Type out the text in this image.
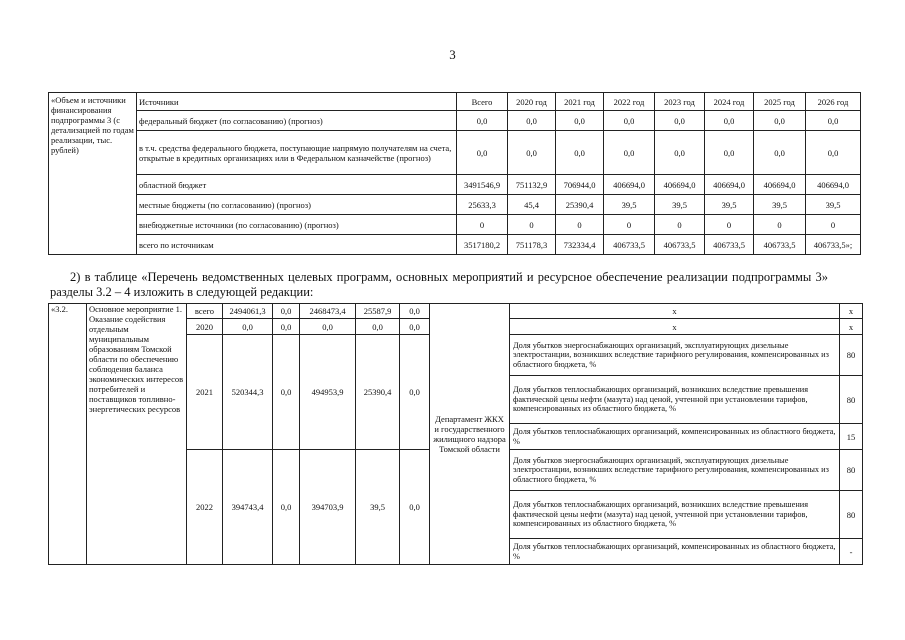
3
«Объем и источники финансирования подпрограммы 3 (с детализацией по годам реализации, тыс. рублей)	Источники	Всего	2020 год	2021 год	2022 год	2023 год	2024 год	2025 год	2026 год
	федеральный бюджет (по согласованию) (прогноз)	0,0	0,0	0,0	0,0	0,0	0,0	0,0	0,0
	в т.ч. средства федерального бюджета, поступающие напрямую получателям на счета, открытые в кредитных организациях или в Федеральном казначействе (прогноз)	0,0	0,0	0,0	0,0	0,0	0,0	0,0	0,0
	областной бюджет	3491546,9	751132,9	706944,0	406694,0	406694,0	406694,0	406694,0	406694,0
	местные бюджеты (по согласованию) (прогноз)	25633,3	45,4	25390,4	39,5	39,5	39,5	39,5	39,5
	внебюджетные источники (по согласованию) (прогноз)	0	0	0	0	0	0	0	0
	всего по источникам	3517180,2	751178,3	732334,4	406733,5	406733,5	406733,5	406733,5	406733,5»;

2) в таблице «Перечень ведомственных целевых программ, основных мероприятий и ресурсное обеспечение реализации подпрограммы 3» разделы 3.2 – 4 изложить в следующей редакции:

«3.2.	Основное мероприятие 1. Оказание содействия отдельным муниципальным образованиям Томской области по обеспечению соблюдения баланса экономических интересов потребителей и поставщиков топливно-энергетических ресурсов	всего	2494061,3	0,0	2468473,4	25587,9	0,0	Департамент ЖКХ и государственного жилищного надзора Томской области	х	х
		2020	0,0	0,0	0,0	0,0	0,0		х	х
		2021	520344,3	0,0	494953,9	25390,4	0,0		Доля убытков энергоснабжающих организаций, эксплуатирующих дизельные электростанции, возникших вследствие тарифного регулирования, компенсированных из областного бюджета, %	80
									Доля убытков теплоснабжающих организаций, возникших вследствие превышения фактической цены нефти (мазута) над ценой, учтенной при установлении тарифов, компенсированных из областного бюджета, %	80
									Доля убытков теплоснабжающих организаций, компенсированных из областного бюджета, %	15
		2022	394743,4	0,0	394703,9	39,5	0,0		Доля убытков энергоснабжающих организаций, эксплуатирующих дизельные электростанции, возникших вследствие тарифного регулирования, компенсированных из областного бюджета, %	80
									Доля убытков теплоснабжающих организаций, возникших вследствие превышения фактической цены нефти (мазута) над ценой, учтенной при установлении тарифов, компенсированных из областного бюджета, %	80
									Доля убытков теплоснабжающих организаций, компенсированных из областного бюджета, %	-
